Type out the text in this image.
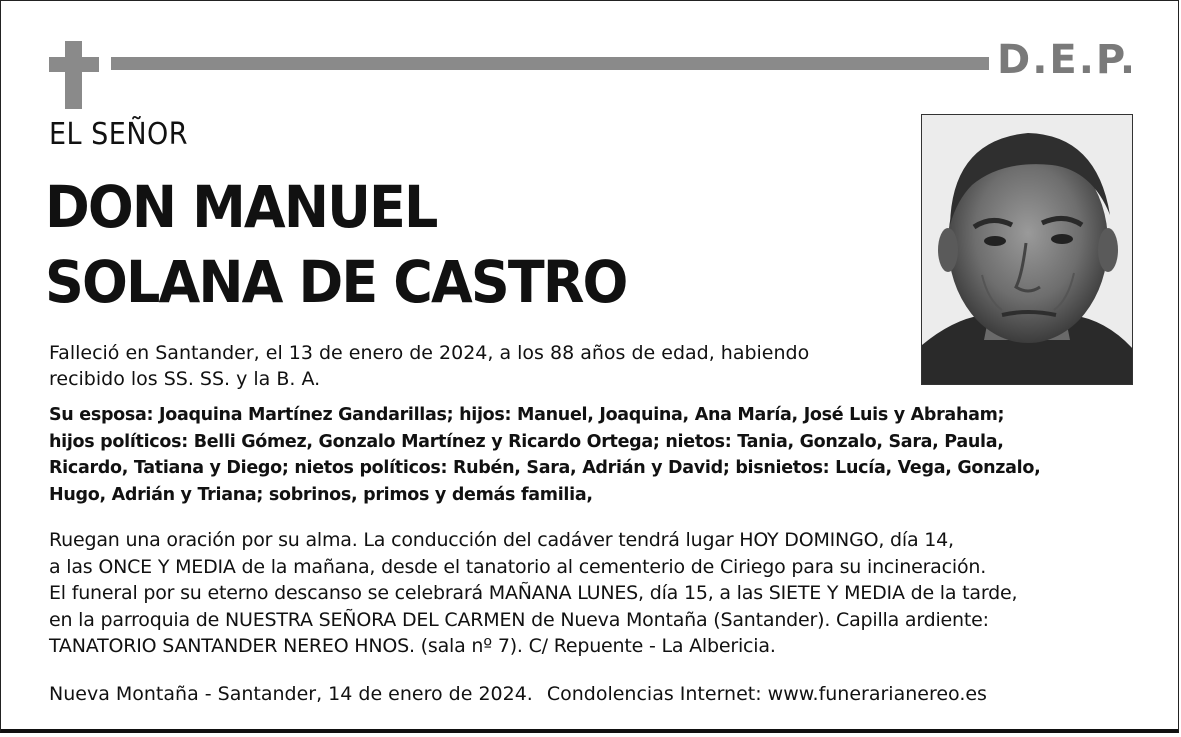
D.E.P.
EL SEÑOR
DON MANUEL
SOLANA DE CASTRO
Falleció en Santander, el 13 de enero de 2024, a los 88 años de edad, habiendo
recibido los SS. SS. y la B. A.
Su esposa: Joaquina Martínez Gandarillas; hijos: Manuel, Joaquina, Ana María, José Luis y Abraham;
hijos políticos: Belli Gómez, Gonzalo Martínez y Ricardo Ortega; nietos: Tania, Gonzalo, Sara, Paula,
Ricardo, Tatiana y Diego; nietos políticos: Rubén, Sara, Adrián y David; bisnietos: Lucía, Vega, Gonzalo,
Hugo, Adrián y Triana; sobrinos, primos y demás familia,
Ruegan una oración por su alma. La conducción del cadáver tendrá lugar HOY DOMINGO, día 14,
a las ONCE Y MEDIA de la mañana, desde el tanatorio al cementerio de Ciriego para su incineración.
El funeral por su eterno descanso se celebrará MAÑANA LUNES, día 15, a las SIETE Y MEDIA de la tarde,
en la parroquia de NUESTRA SEÑORA DEL CARMEN de Nueva Montaña (Santander). Capilla ardiente:
TANATORIO SANTANDER NEREO HNOS. (sala nº 7). C/ Repuente - La Albericia.
Nueva Montaña - Santander, 14 de enero de 2024. Condolencias Internet: www.funerarianereo.es
